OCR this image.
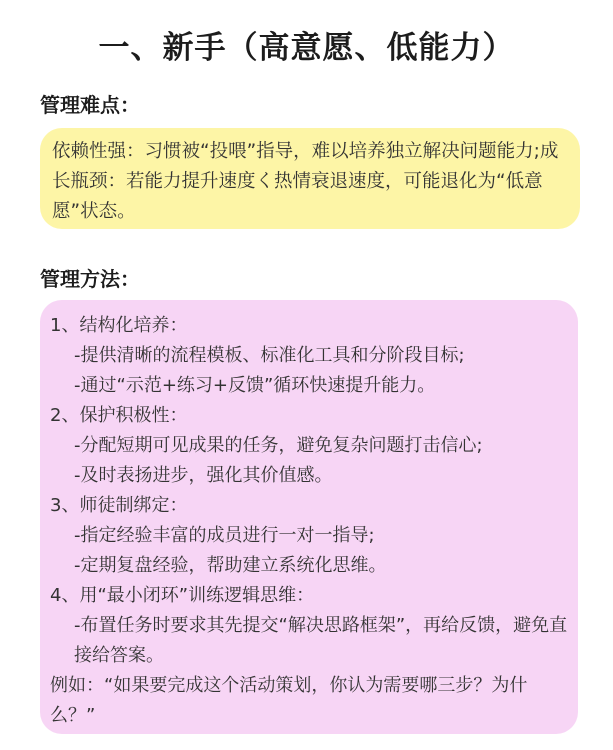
一、新手（高意愿、低能力）
管理难点：
依赖性强：习惯被“投喂”指导，难以培养独立解决问题能力;成长瓶颈：若能力提升速度く热情衰退速度，可能退化为“低意愿”状态。
管理方法：
1、结构化培养：
-提供清晰的流程模板、标准化工具和分阶段目标;
-通过“示范+练习+反馈”循环快速提升能力。
2、保护积极性：
-分配短期可见成果的任务，避免复杂问题打击信心;
-及时表扬进步，强化其价值感。
3、师徒制绑定：
-指定经验丰富的成员进行一对一指导;
-定期复盘经验，帮助建立系统化思维。
4、用“最小闭环”训练逻辑思维：
-布置任务时要求其先提交“解决思路框架”，再给反馈，避免直接给答案。
例如：“如果要完成这个活动策划，你认为需要哪三步？为什么？”
